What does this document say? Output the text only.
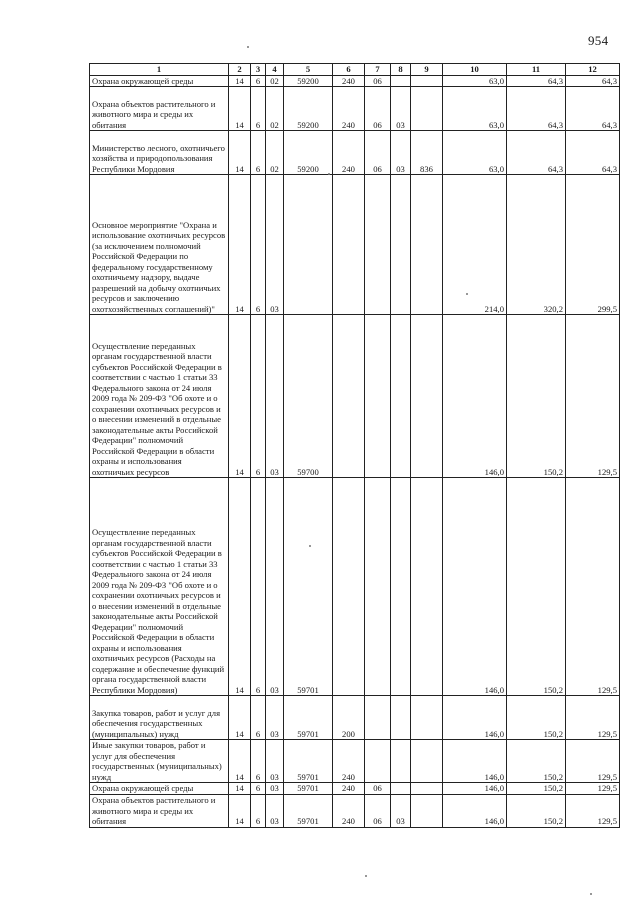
954
1	2	3	4	5	6	7	8	9	10	11	12
Охрана окружающей среды	14	6	02	59200	240	06			63,0	64,3	64,3
Охрана объектов растительного и животного мира и среды их обитания	14	6	02	59200	240	06	03		63,0	64,3	64,3
Министерство лесного, охотничьего хозяйства и природопользования Республики Мордовия	14	6	02	59200	240	06	03	836	63,0	64,3	64,3
Основное мероприятие "Охрана и использование охотничьих ресурсов (за исключением полномочий Российской Федерации по федеральному государственному охотничьему надзору, выдаче разрешений на добычу охотничьих ресурсов и заключению охотхозяйственных соглашений)"	14	6	03						214,0	320,2	299,5
Осуществление переданных органам государственной власти субъектов Российской Федерации в соответствии с частью 1 статьи 33 Федерального закона от 24 июля 2009 года № 209-ФЗ "Об охоте и о сохранении охотничьих ресурсов и о внесении изменений в отдельные законодательные акты Российской Федерации" полномочий Российской Федерации в области охраны и использования охотничьих ресурсов	14	6	03	59700					146,0	150,2	129,5
Осуществление переданных органам государственной власти субъектов Российской Федерации в соответствии с частью 1 статьи 33 Федерального закона от 24 июля 2009 года № 209-ФЗ "Об охоте и о сохранении охотничьих ресурсов и о внесении изменений в отдельные законодательные акты Российской Федерации" полномочий Российской Федерации в области охраны и использования охотничьих ресурсов (Расходы на содержание и обеспечение функций органа государственной власти Республики Мордовия)	14	6	03	59701					146,0	150,2	129,5
Закупка товаров, работ и услуг для обеспечения государственных (муниципальных) нужд	14	6	03	59701	200				146,0	150,2	129,5
Иные закупки товаров, работ и услуг для обеспечения государственных (муниципальных) нужд	14	6	03	59701	240				146,0	150,2	129,5
Охрана окружающей среды	14	6	03	59701	240	06			146,0	150,2	129,5
Охрана объектов растительного и животного мира и среды их обитания	14	6	03	59701	240	06	03		146,0	150,2	129,5
